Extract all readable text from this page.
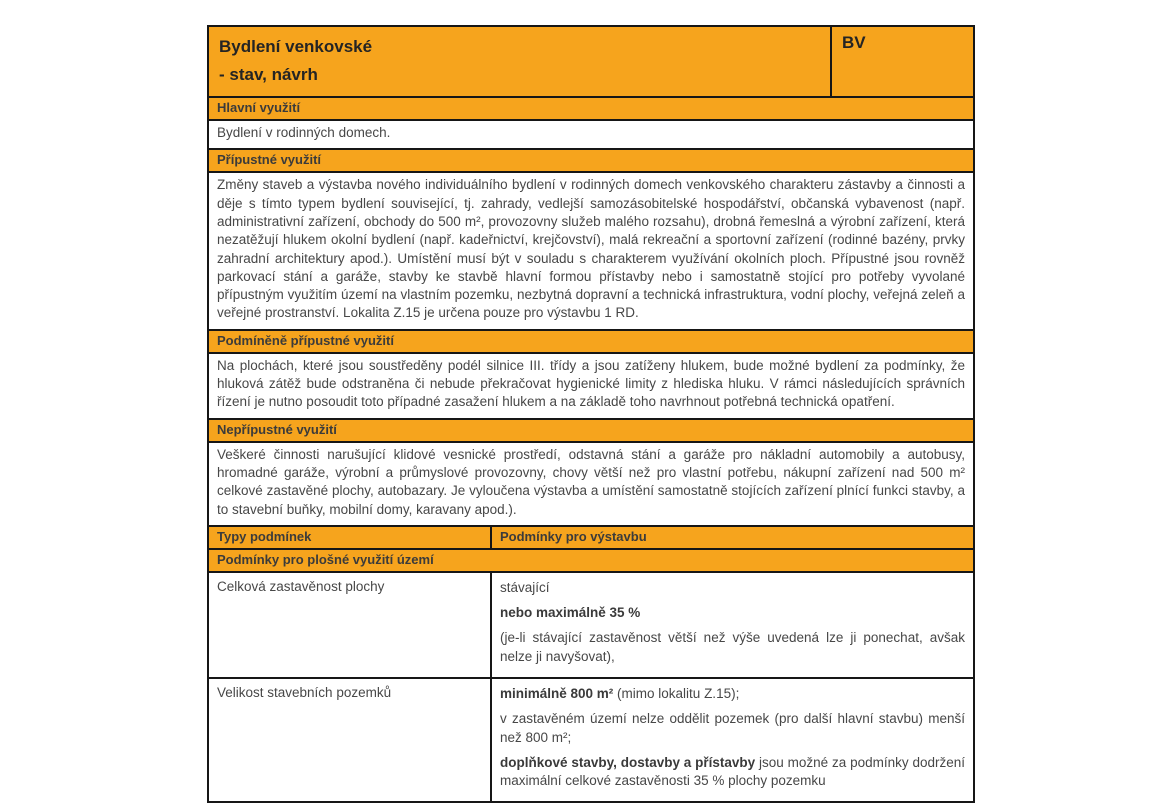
Bydlení venkovské
- stav, návrh
BV
Hlavní využití
Bydlení v rodinných domech.
Přípustné využití
Změny staveb a výstavba nového individuálního bydlení v rodinných domech venkovského charakteru zástavby a činnosti a děje s tímto typem bydlení související, tj. zahrady, vedlejší samozásobitelské hospodářství, občanská vybavenost (např. administrativní zařízení, obchody do 500 m², provozovny služeb malého rozsahu), drobná řemeslná a výrobní zařízení, která nezatěžují hlukem okolní bydlení (např. kadeřnictví, krejčovství), malá rekreační a sportovní zařízení (rodinné bazény, prvky zahradní architektury apod.). Umístění musí být v souladu s charakterem využívání okolních ploch. Přípustné jsou rovněž parkovací stání a garáže, stavby ke stavbě hlavní formou přístavby nebo i samostatně stojící pro potřeby vyvolané přípustným využitím území na vlastním pozemku, nezbytná dopravní a technická infrastruktura, vodní plochy, veřejná zeleň a veřejné prostranství. Lokalita Z.15 je určena pouze pro výstavbu 1 RD.
Podmíněně přípustné využití
Na plochách, které jsou soustředěny podél silnice III. třídy a jsou zatíženy hlukem, bude možné bydlení za podmínky, že hluková zátěž bude odstraněna či nebude překračovat hygienické limity z hlediska hluku. V rámci následujících správních řízení je nutno posoudit toto případné zasažení hlukem a na základě toho navrhnout potřebná technická opatření.
Nepřípustné využití
Veškeré činnosti narušující klidové vesnické prostředí, odstavná stání a garáže pro nákladní automobily a autobusy, hromadné garáže, výrobní a průmyslové provozovny, chovy větší než pro vlastní potřebu, nákupní zařízení nad 500 m² celkové zastavěné plochy, autobazary. Je vyloučena výstavba a umístění samostatně stojících zařízení plnící funkci stavby, a to stavební buňky, mobilní domy, karavany apod.).
Typy podmínek	Podmínky pro výstavbu
Podmínky pro plošné využití území
Celková zastavěnost plochy	stávající

nebo maximálně 35 %

(je-li stávající zastavěnost větší než výše uvedená lze ji ponechat, avšak nelze ji navyšovat),

Velikost stavebních pozemků	minimálně 800 m² (mimo lokalitu Z.15);

v zastavěném území nelze oddělit pozemek (pro další hlavní stavbu) menší než 800 m²;

doplňkové stavby, dostavby a přístavby jsou možné za podmínky dodržení maximální celkové zastavěnosti 35 % plochy pozemku
